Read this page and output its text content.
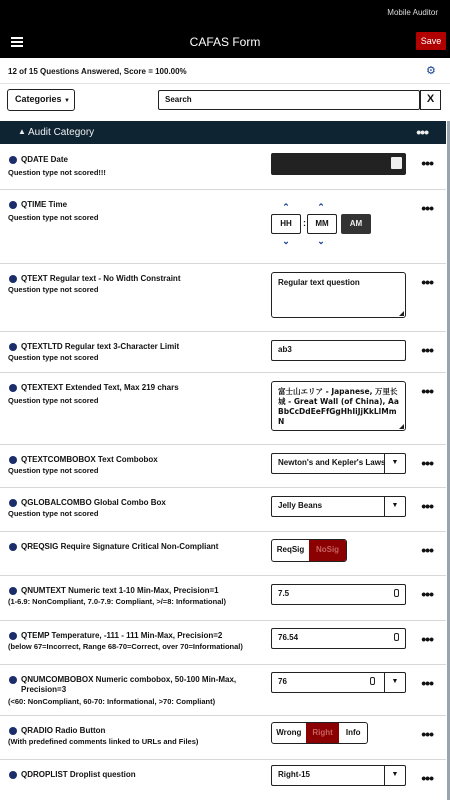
Mobile Auditor
CAFAS Form	Save
12 of 15 Questions Answered, Score = 100.00%	⚙
Categories ▼	Search	X
▲ Audit Category	•••
QDATE Date
Question type not scored!!!
•••
QTIME Time
Question type not scored
⌃	⌃
HH	:	MM	AM
⌄	⌄
•••
QTEXT Regular text - No Width Constraint
Question type not scored
Regular text question	•••
QTEXTLTD Regular text 3-Character Limit
Question type not scored
ab3	•••
QTEXTEXT Extended Text, Max 219 chars
Question type not scored
富士山エリア - Japanese, 万里长城 - Great Wall (of China), AaBbCcDdEeFfGgHhIiJjKkLlMmN
•••
QTEXTCOMBOBOX Text Combobox
Question type not scored
Newton's and Kepler's Laws ▼	•••
QGLOBALCOMBO Global Combo Box
Question type not scored
Jelly Beans	▼	•••
QREQSIG Require Signature Critical Non-Compliant	ReqSig	NoSig	•••
QNUMTEXT Numeric text 1-10 Min-Max, Precision=1
(1-6.9: NonCompliant, 7.0-7.9: Compliant, >/=8: Informational)
7.5	•••
QTEMP Temperature, -111 - 111 Min-Max, Precision=2
(below 67=Incorrect, Range 68-70=Correct, over 70=Informational)
76.54	•••
QNUMCOMBOBOX Numeric combobox, 50-100 Min-Max, Precision=3
(<60: NonCompliant, 60-70: Informational, >70: Compliant)
76	▼	•••
QRADIO Radio Button
(With predefined comments linked to URLs and Files)
Wrong	Right	Info	•••
QDROPLIST Droplist question	Right-15	▼	•••
